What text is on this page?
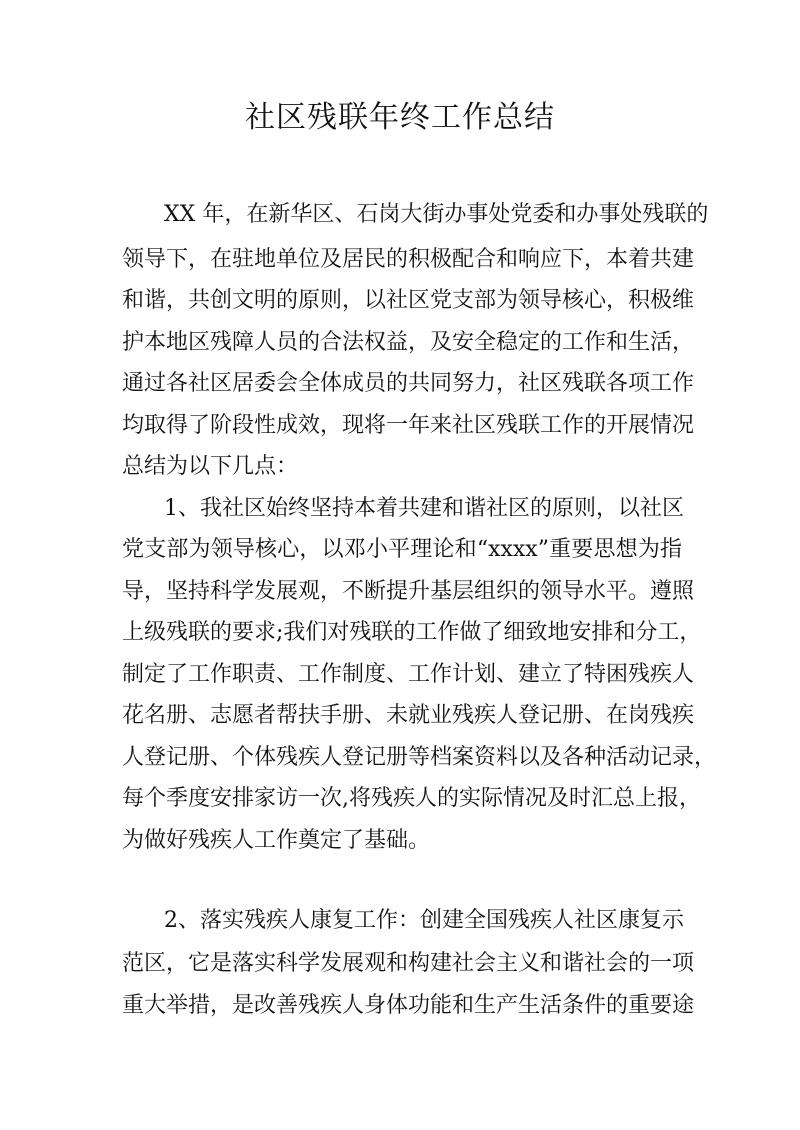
社区残联年终工作总结

XX 年，在新华区、石岗大街办事处党委和办事处残联的

领导下，在驻地单位及居民的积极配合和响应下，本着共建

和谐，共创文明的原则，以社区党支部为领导核心，积极维

护本地区残障人员的合法权益，及安全稳定的工作和生活，

通过各社区居委会全体成员的共同努力，社区残联各项工作

均取得了阶段性成效，现将一年来社区残联工作的开展情况

总结为以下几点：

1、我社区始终坚持本着共建和谐社区的原则，以社区

党支部为领导核心，以邓小平理论和“xxxx”重要思想为指

导，坚持科学发展观，不断提升基层组织的领导水平。遵照

上级残联的要求;我们对残联的工作做了细致地安排和分工，

制定了工作职责、工作制度、工作计划、建立了特困残疾人

花名册、志愿者帮扶手册、未就业残疾人登记册、在岗残疾

人登记册、个体残疾人登记册等档案资料以及各种活动记录，

每个季度安排家访一次,将残疾人的实际情况及时汇总上报，

为做好残疾人工作奠定了基础。

2、落实残疾人康复工作：创建全国残疾人社区康复示

范区，它是落实科学发展观和构建社会主义和谐社会的一项

重大举措，是改善残疾人身体功能和生产生活条件的重要途
